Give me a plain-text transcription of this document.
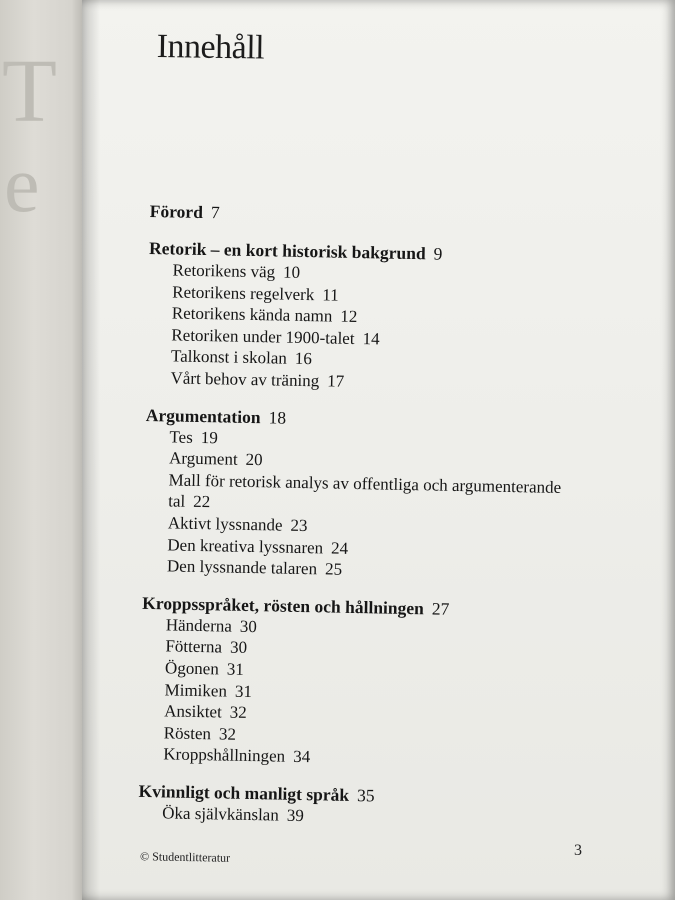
T
e
Innehåll
Förord 7
Retorik – en kort historisk bakgrund 9
Retorikens väg 10
Retorikens regelverk 11
Retorikens kända namn 12
Retoriken under 1900-talet 14
Talkonst i skolan 16
Vårt behov av träning 17
Argumentation 18
Tes 19
Argument 20
Mall för retorisk analys av offentliga och argumenterande
tal 22
Aktivt lyssnande 23
Den kreativa lyssnaren 24
Den lyssnande talaren 25
Kroppsspråket, rösten och hållningen 27
Händerna 30
Fötterna 30
Ögonen 31
Mimiken 31
Ansiktet 32
Rösten 32
Kroppshållningen 34
Kvinnligt och manligt språk 35
Öka självkänslan 39
© Studentlitteratur	3
